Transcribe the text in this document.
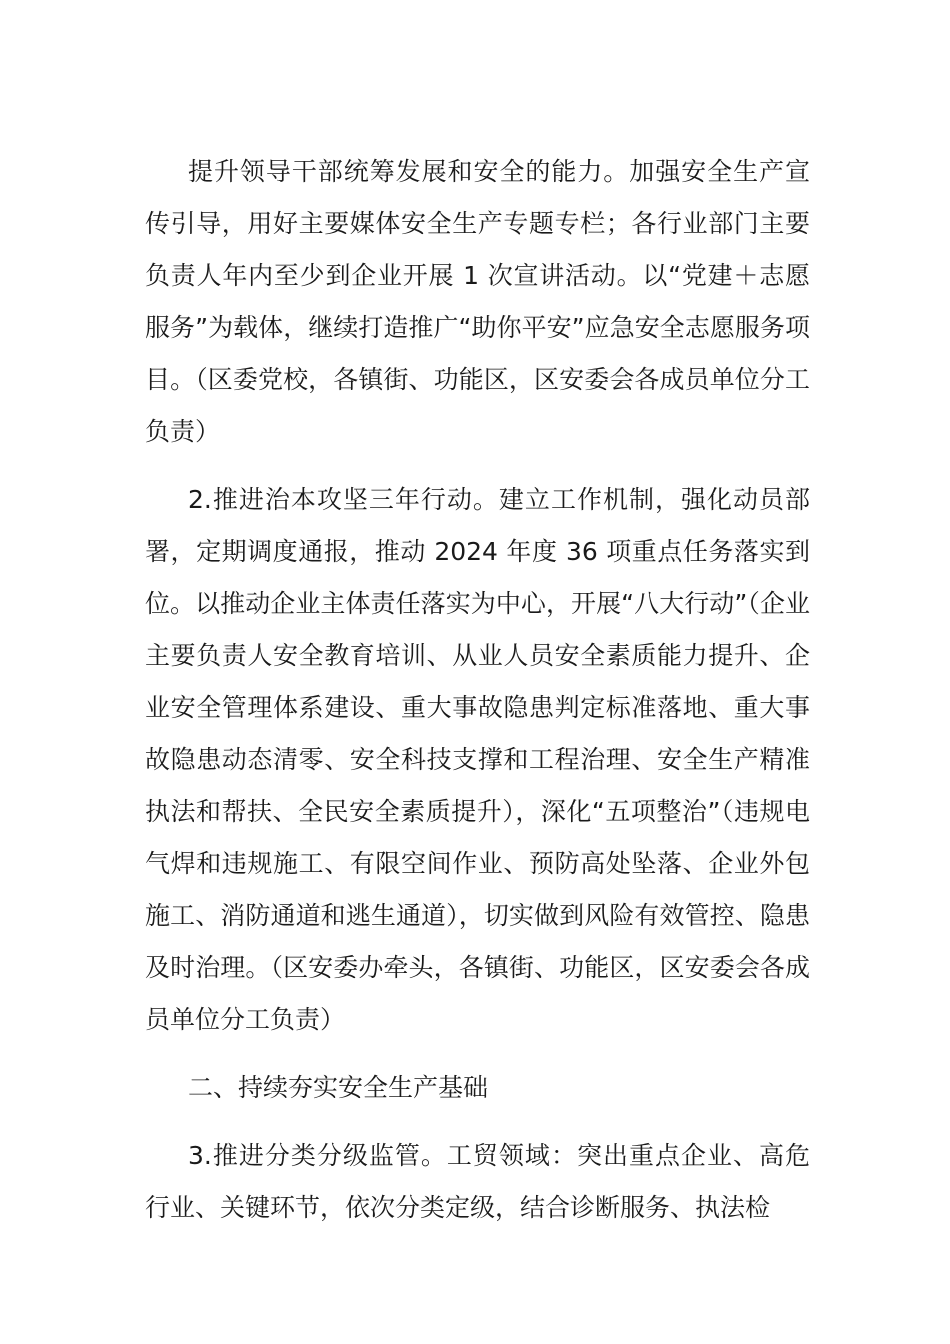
提升领导干部统筹发展和安全的能力。加强安全生产宣传引导，用好主要媒体安全生产专题专栏；各行业部门主要负责人年内至少到企业开展 1 次宣讲活动。以“党建＋志愿服务”为载体，继续打造推广“助你平安”应急安全志愿服务项目。（区委党校，各镇街、功能区，区安委会各成员单位分工负责）

2.推进治本攻坚三年行动。建立工作机制，强化动员部署，定期调度通报，推动 2024 年度 36 项重点任务落实到位。以推动企业主体责任落实为中心，开展“八大行动”（企业主要负责人安全教育培训、从业人员安全素质能力提升、企业安全管理体系建设、重大事故隐患判定标准落地、重大事故隐患动态清零、安全科技支撑和工程治理、安全生产精准执法和帮扶、全民安全素质提升），深化“五项整治”（违规电气焊和违规施工、有限空间作业、预防高处坠落、企业外包施工、消防通道和逃生通道），切实做到风险有效管控、隐患及时治理。（区安委办牵头，各镇街、功能区，区安委会各成员单位分工负责）

二、持续夯实安全生产基础

3.推进分类分级监管。工贸领域：突出重点企业、高危行业、关键环节，依次分类定级，结合诊断服务、执法检
